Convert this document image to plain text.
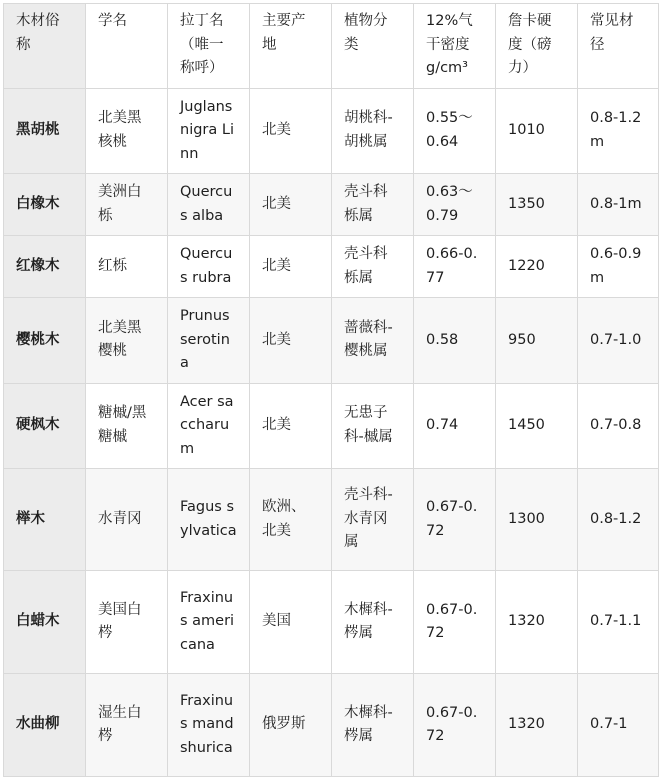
木材俗称	学名	拉丁名（唯一称呼）	主要产地	植物分类	12%气干密度g/cm³	詹卡硬度（磅力）	常见材径
黑胡桃	北美黑核桃	Juglans nigra Linn	北美	胡桃科-胡桃属	0.55～0.64	1010	0.8-1.2m
白橡木	美洲白栎	Quercus alba	北美	壳斗科栎属	0.63～0.79	1350	0.8-1m
红橡木	红栎	Quercus rubra	北美	壳斗科栎属	0.66-0.77	1220	0.6-0.9m
樱桃木	北美黑樱桃	Prunus serotina	北美	蔷薇科-樱桃属	0.58	950	0.7-1.0
硬枫木	糖槭/黑糖槭	Acer saccharum	北美	无患子科-槭属	0.74	1450	0.7-0.8
榉木	水青冈	Fagus sylvatica	欧洲、北美	壳斗科-水青冈属	0.67-0.72	1300	0.8-1.2
白蜡木	美国白梣	Fraxinus americana	美国	木樨科-梣属	0.67-0.72	1320	0.7-1.1
水曲柳	湿生白梣	Fraxinus mandshurica	俄罗斯	木樨科-梣属	0.67-0.72	1320	0.7-1
